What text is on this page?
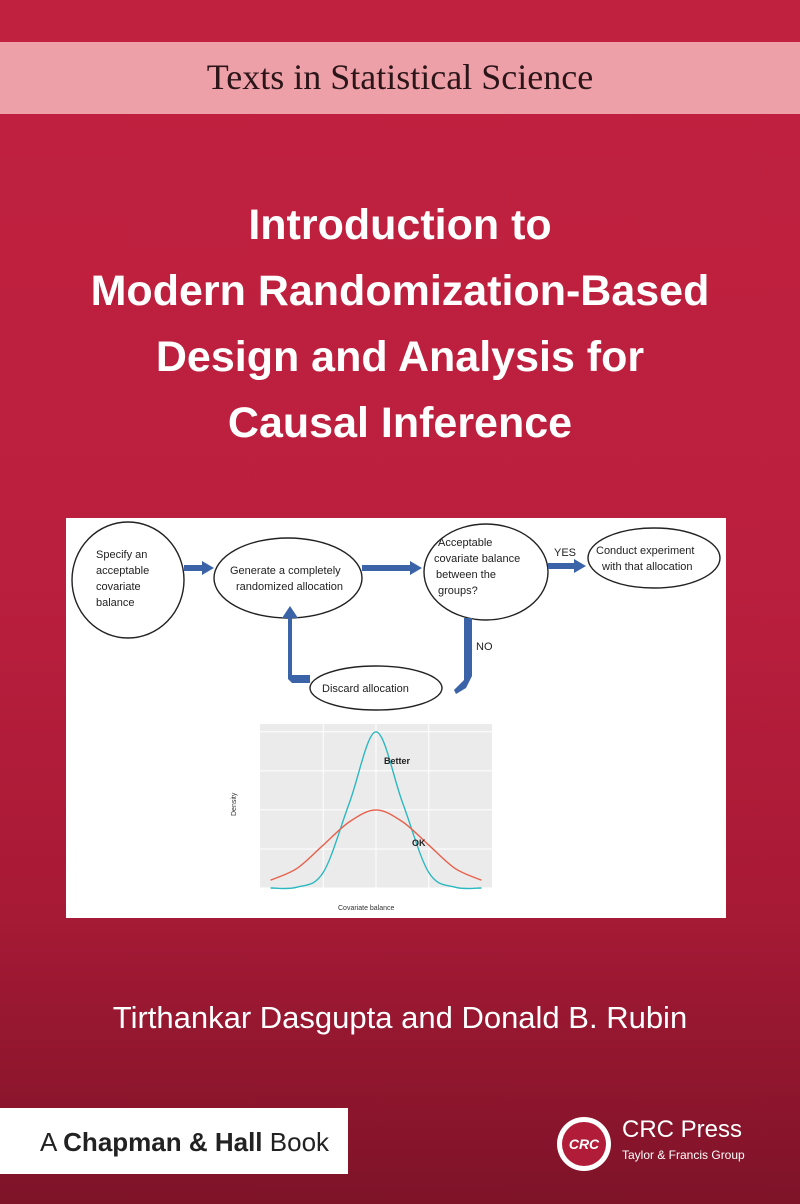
Texts in Statistical Science
Introduction to
Modern Randomization-Based
Design and Analysis for
Causal Inference
Specify an acceptable covariate balance
Generate a completely randomized allocation
Acceptable covariate balance between the groups?
Conduct experiment with that allocation
Discard allocation
YES
NO
Covariate balance
Density
Better
OK
Tirthankar Dasgupta and Donald B. Rubin
A Chapman & Hall Book	CRC
CRC Press
Taylor & Francis Group
